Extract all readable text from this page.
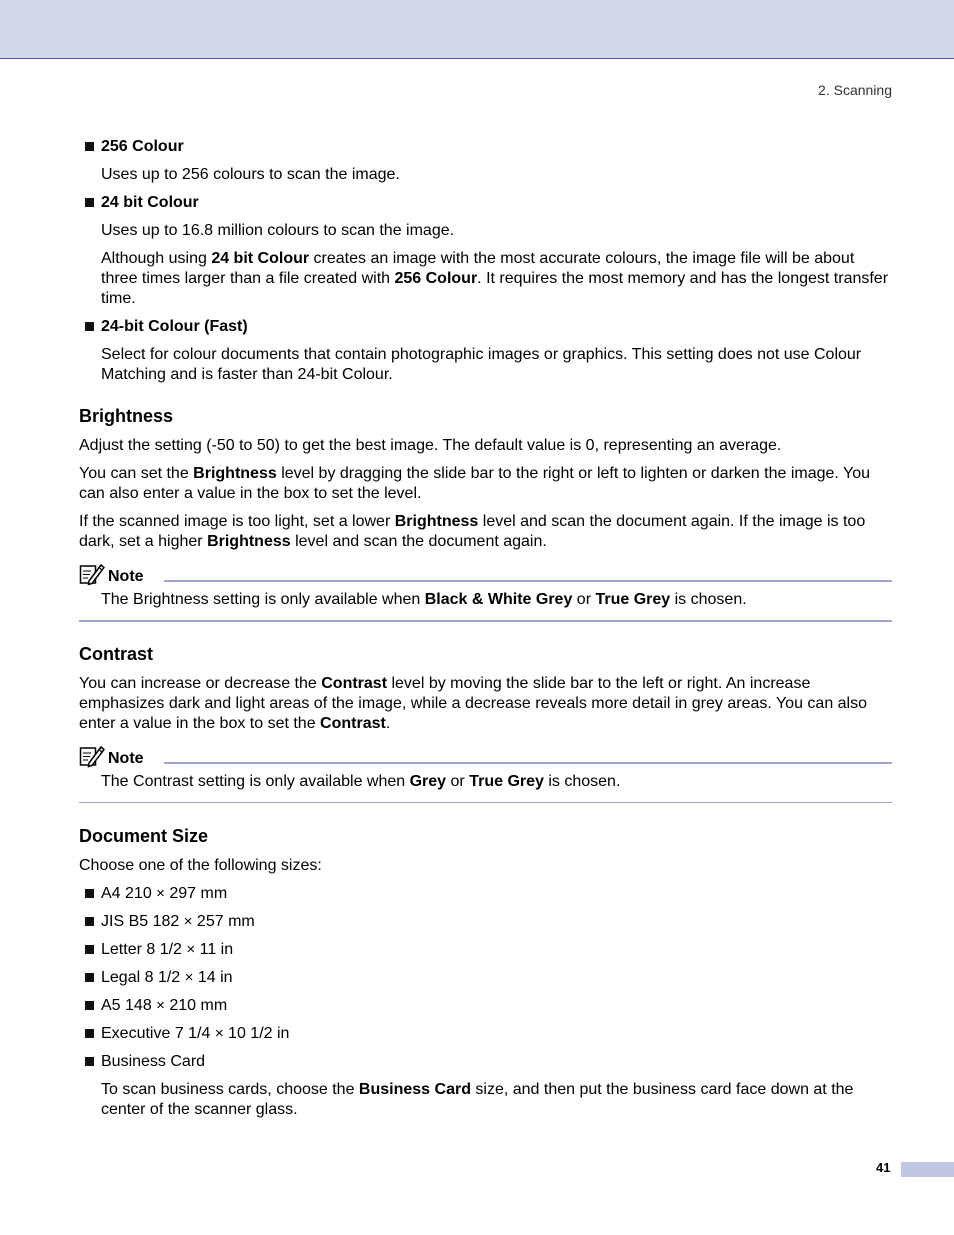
2. Scanning
256 Colour

Uses up to 256 colours to scan the image.

24 bit Colour

Uses up to 16.8 million colours to scan the image.

Although using 24 bit Colour creates an image with the most accurate colours, the image file will be about three times larger than a file created with 256 Colour. It requires the most memory and has the longest transfer time.

24-bit Colour (Fast)

Select for colour documents that contain photographic images or graphics. This setting does not use Colour Matching and is faster than 24-bit Colour.

Brightness

Adjust the setting (-50 to 50) to get the best image. The default value is 0, representing an average.

You can set the Brightness level by dragging the slide bar to the right or left to lighten or darken the image. You can also enter a value in the box to set the level.

If the scanned image is too light, set a lower Brightness level and scan the document again. If the image is too dark, set a higher Brightness level and scan the document again.

Note
The Brightness setting is only available when Black & White Grey or True Grey is chosen.
Contrast

You can increase or decrease the Contrast level by moving the slide bar to the left or right. An increase emphasizes dark and light areas of the image, while a decrease reveals more detail in grey areas. You can also enter a value in the box to set the Contrast.

Note
The Contrast setting is only available when Grey or True Grey is chosen.
Document Size

Choose one of the following sizes:

A4 210 × 297 mm
JIS B5 182 × 257 mm
Letter 8 1/2 × 11 in
Legal 8 1/2 × 14 in
A5 148 × 210 mm
Executive 7 1/4 × 10 1/2 in
Business Card

To scan business cards, choose the Business Card size, and then put the business card face down at the center of the scanner glass.

41
